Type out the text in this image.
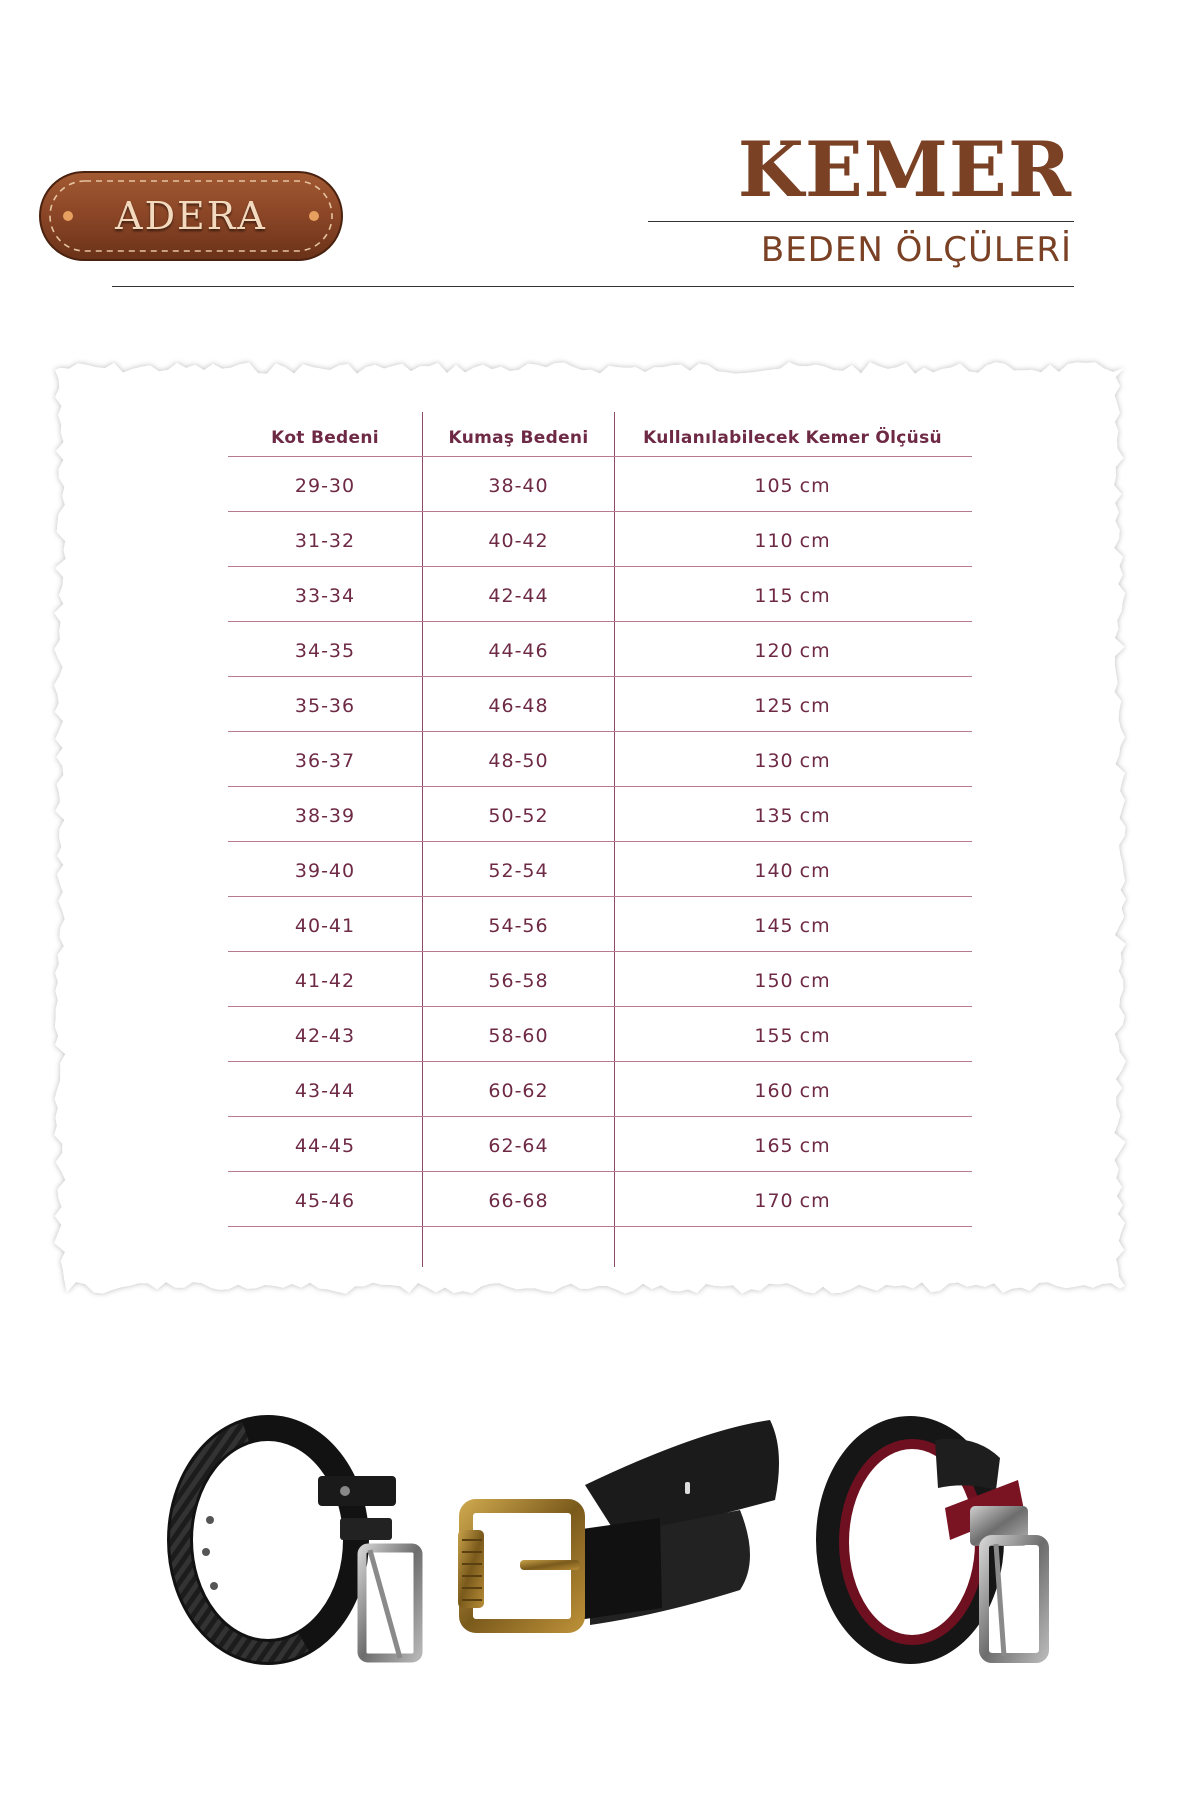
ADERA
KEMER
BEDEN ÖLÇÜLERİ
Kot Bedeni	Kumaş Bedeni	Kullanılabilecek Kemer Ölçüsü
29-30	38-40	105 cm
31-32	40-42	110 cm
33-34	42-44	115 cm
34-35	44-46	120 cm
35-36	46-48	125 cm
36-37	48-50	130 cm
38-39	50-52	135 cm
39-40	52-54	140 cm
40-41	54-56	145 cm
41-42	56-58	150 cm
42-43	58-60	155 cm
43-44	60-62	160 cm
44-45	62-64	165 cm
45-46	66-68	170 cm
